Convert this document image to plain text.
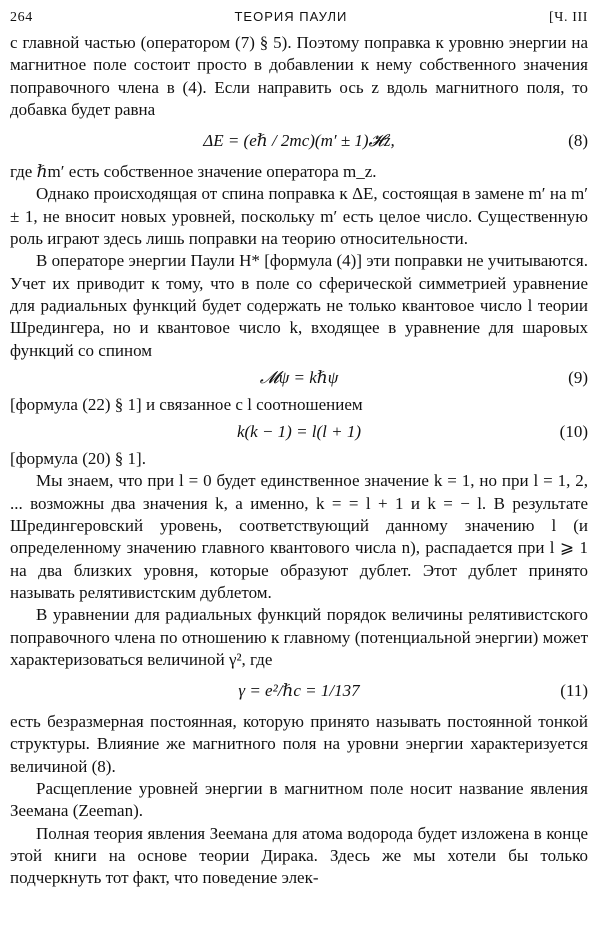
264	ТЕОРИЯ ПАУЛИ	[Ч. III

с главной частью (оператором (7) § 5). Поэтому поправка к уровню энергии на магнитное поле состоит просто в добавлении к нему собственного значения поправочного члена в (4). Если направить ось z вдоль магнитного поля, то добавка будет равна

ΔE = (eℏ / 2mc)(m′ ± 1)𝓗z,	(8)

где ℏm′ есть собственное значение оператора m_z.

Однако происходящая от спина поправка к ΔE, состоящая в замене m′ на m′ ± 1, не вносит новых уровней, поскольку m′ есть целое число. Существенную роль играют здесь лишь поправки на теорию относительности.

В операторе энергии Паули H* [формула (4)] эти поправки не учитываются. Учет их приводит к тому, что в поле со сферической симметрией уравнение для радиальных функций будет содержать не только квантовое число l теории Шредингера, но и квантовое число k, входящее в уравнение для шаровых функций со спином

𝓜ψ = kℏψ	(9)

[формула (22) § 1] и связанное с l соотношением

k(k − 1) = l(l + 1)	(10)

[формула (20) § 1].

Мы знаем, что при l = 0 будет единственное значение k = 1, но при l = 1, 2, ... возможны два значения k, а именно, k = = l + 1 и k = − l. В результате Шредингеровский уровень, соответствующий данному значению l (и определенному значению главного квантового числа n), распадается при l ⩾ 1 на два близких уровня, которые образуют дублет. Этот дублет принято называть релятивистским дублетом.

В уравнении для радиальных функций порядок величины релятивистского поправочного члена по отношению к главному (потенциальной энергии) может характеризоваться величиной γ², где

γ = e²/ℏc = 1/137	(11)

есть безразмерная постоянная, которую принято называть постоянной тонкой структуры. Влияние же магнитного поля на уровни энергии характеризуется величиной (8).

Расщепление уровней энергии в магнитном поле носит название явления Зеемана (Zeeman).

Полная теория явления Зеемана для атома водорода будет изложена в конце этой книги на основе теории Дирака. Здесь же мы хотели бы только подчеркнуть тот факт, что поведение элек-
